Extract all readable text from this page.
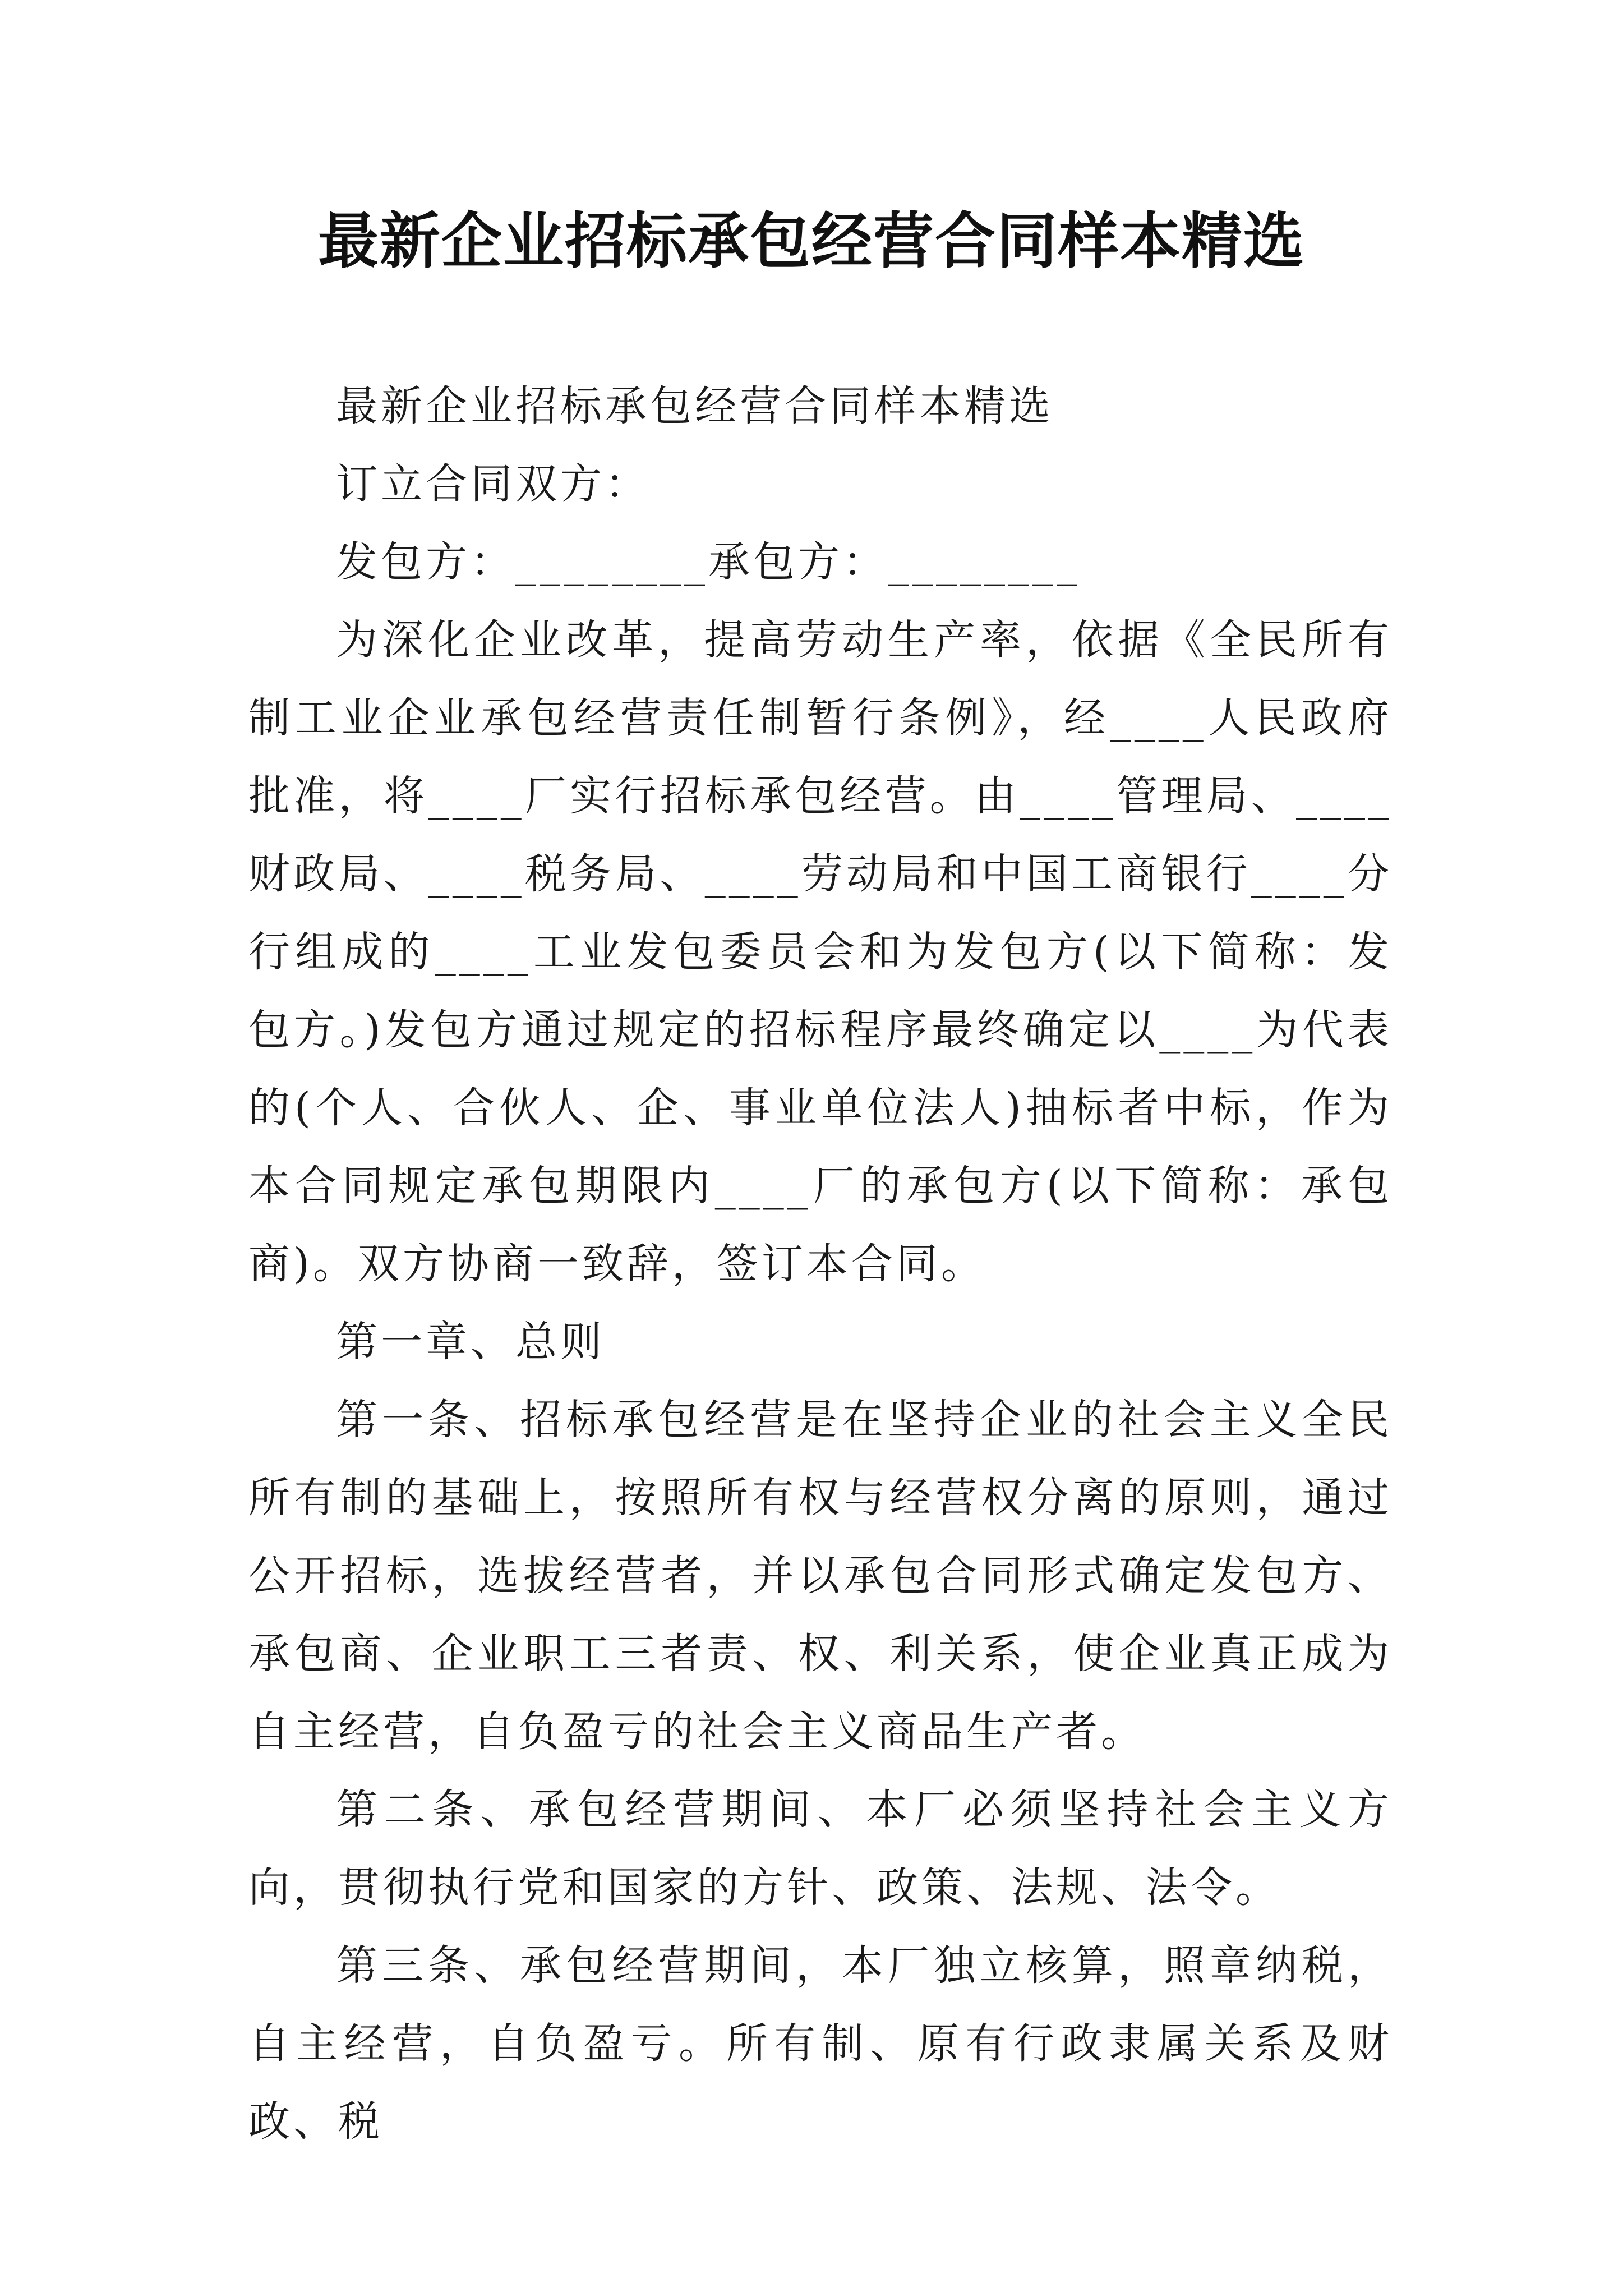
最新企业招标承包经营合同样本精选

最新企业招标承包经营合同样本精选

订立合同双方：

发包方：________承包方：________

为深化企业改革，提高劳动生产率，依据《全民所有制工业企业承包经营责任制暂行条例》，经____人民政府批准，将____厂实行招标承包经营。由____管理局、____财政局、____税务局、____劳动局和中国工商银行____分行组成的____工业发包委员会和为发包方(以下简称：发包方。)发包方通过规定的招标程序最终确定以____为代表的(个人、合伙人、企、事业单位法人)抽标者中标，作为本合同规定承包期限内____厂的承包方(以下简称：承包商)。双方协商一致辞，签订本合同。

第一章、总则

第一条、招标承包经营是在坚持企业的社会主义全民所有制的基础上，按照所有权与经营权分离的原则，通过公开招标，选拔经营者，并以承包合同形式确定发包方、承包商、企业职工三者责、权、利关系，使企业真正成为自主经营，自负盈亏的社会主义商品生产者。

第二条、承包经营期间、本厂必须坚持社会主义方向，贯彻执行党和国家的方针、政策、法规、法令。

第三条、承包经营期间，本厂独立核算，照章纳税，自主经营，自负盈亏。所有制、原有行政隶属关系及财政、税
